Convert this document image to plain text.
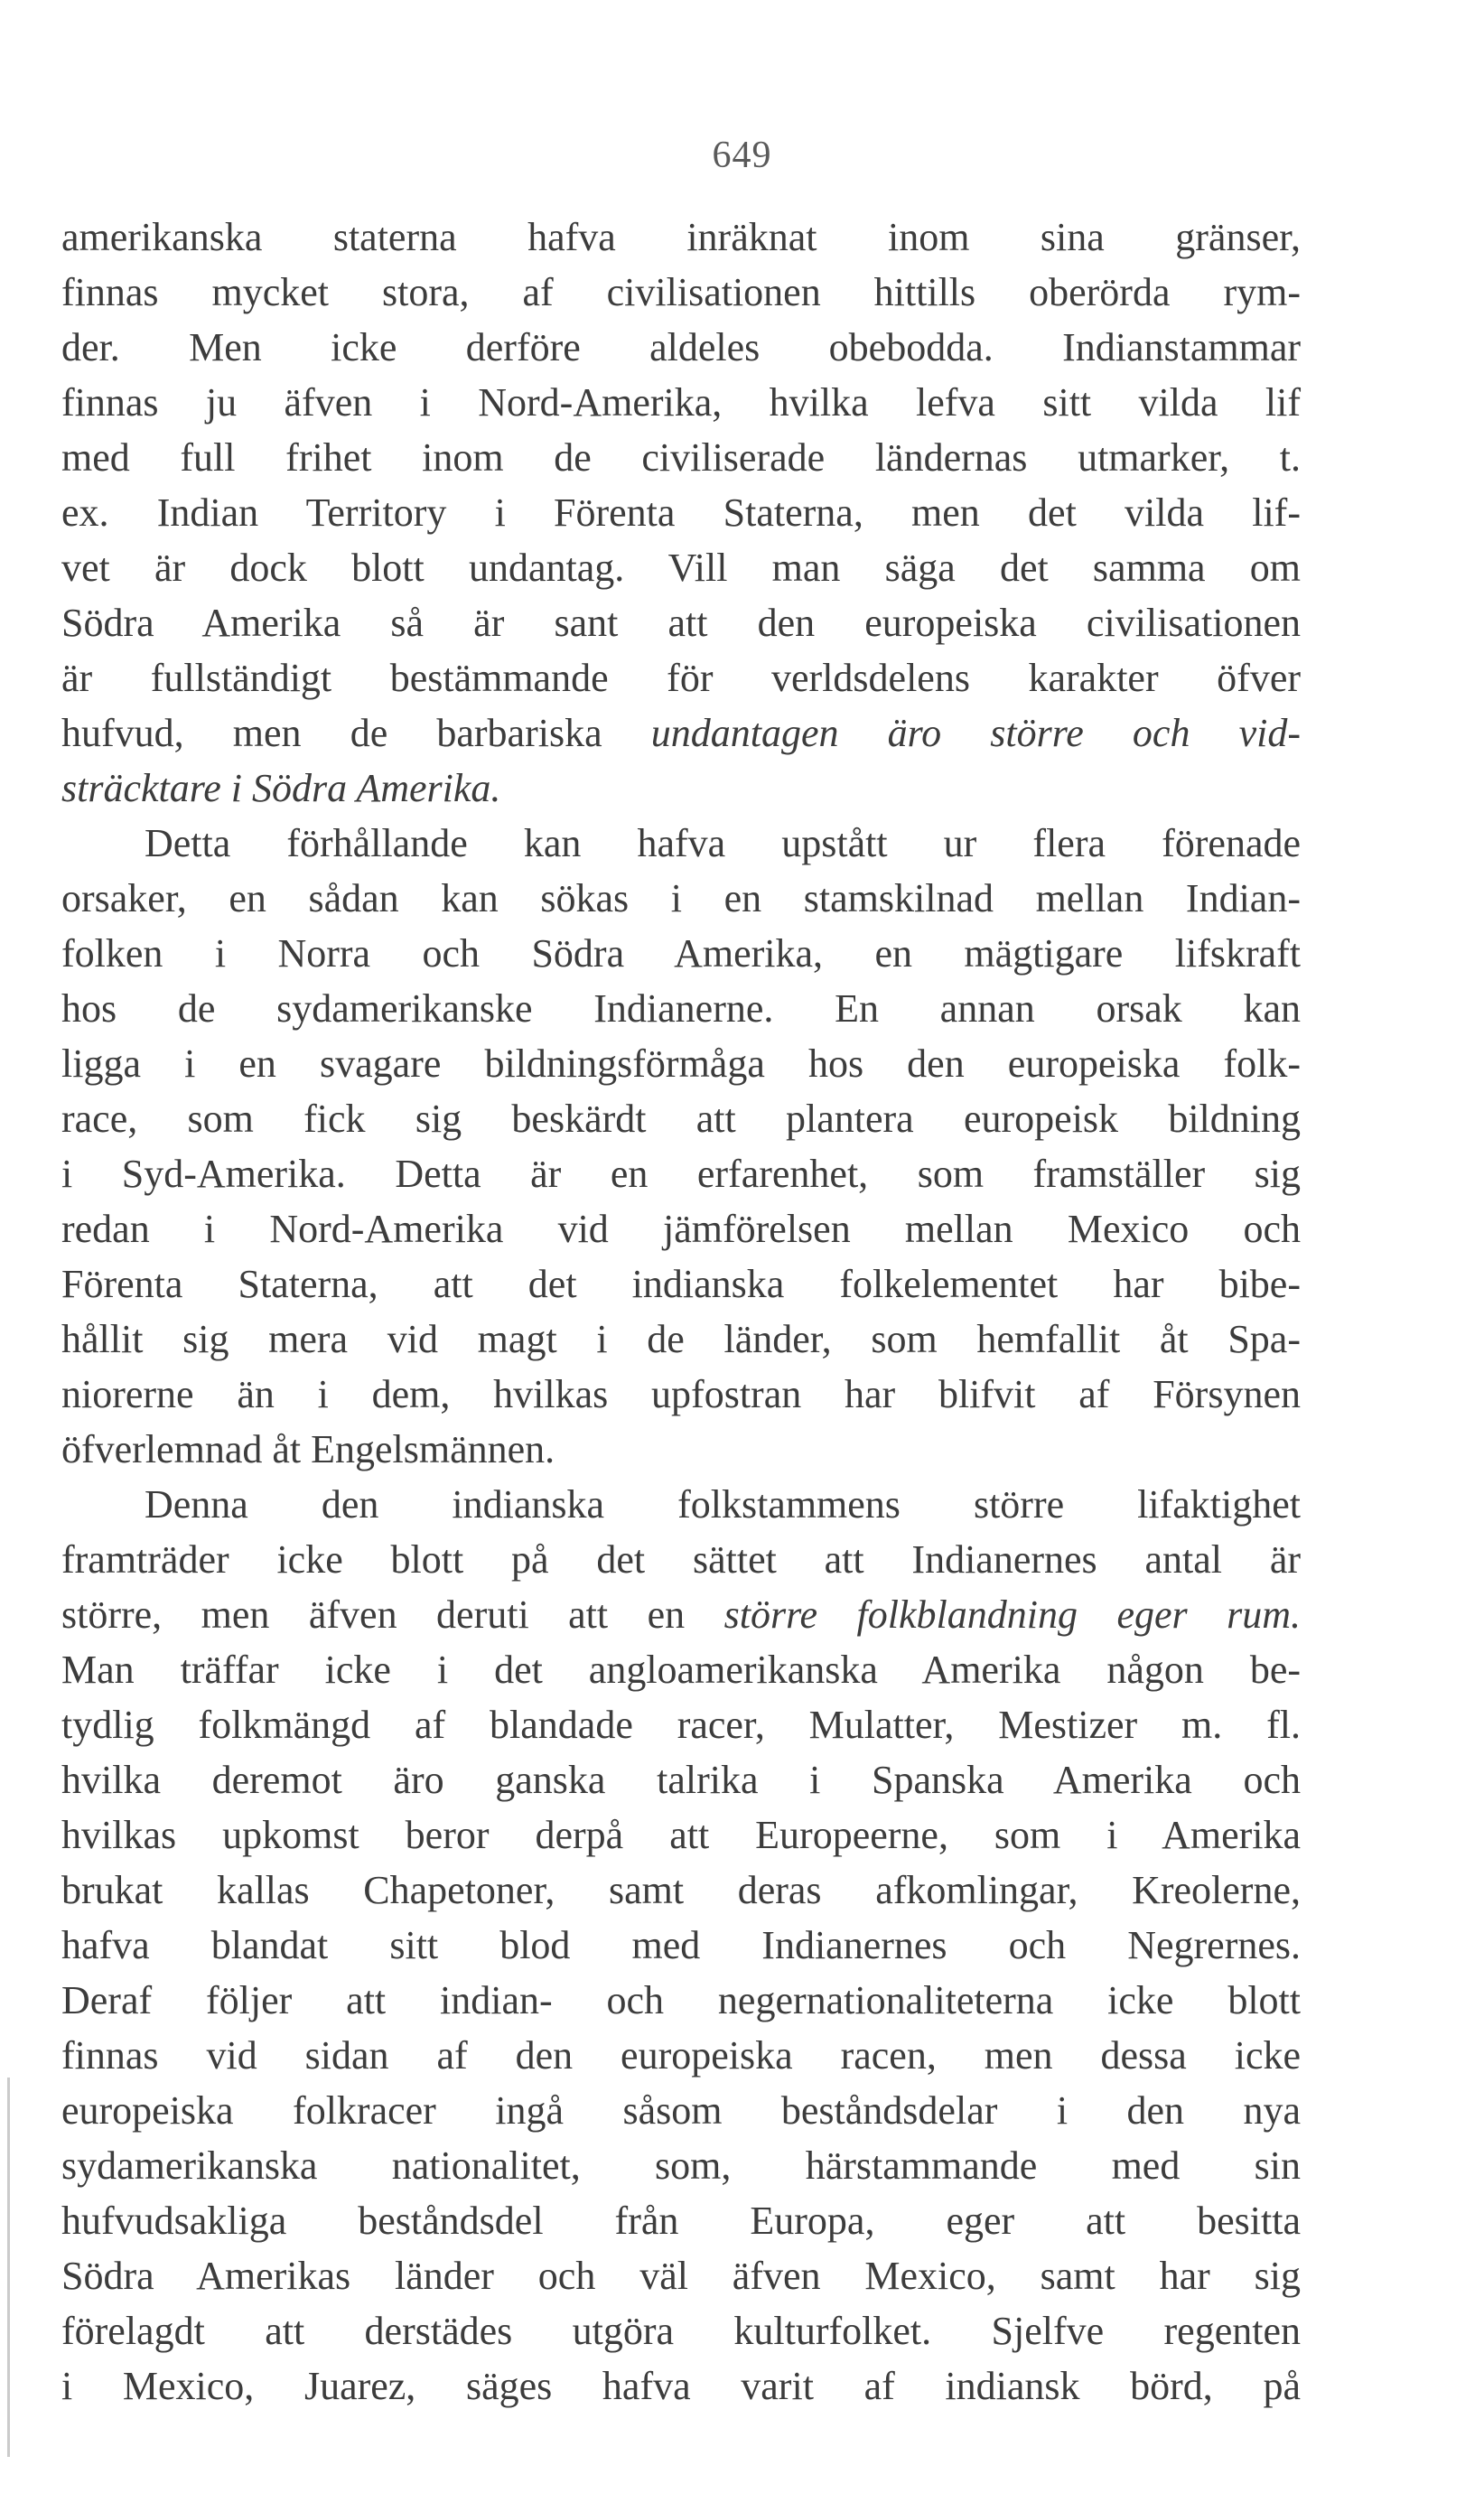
649
amerikanska staterna hafva inräknat inom sina gränser,
finnas mycket stora, af civilisationen hittills oberörda rym-
der. Men icke derföre aldeles obebodda. Indianstammar
finnas ju äfven i Nord-Amerika, hvilka lefva sitt vilda lif
med full frihet inom de civiliserade ländernas utmarker, t.
ex. Indian Territory i Förenta Staterna, men det vilda lif-
vet är dock blott undantag. Vill man säga det samma om
Södra Amerika så är sant att den europeiska civilisationen
är fullständigt bestämmande för verldsdelens karakter öfver
hufvud, men de barbariska undantagen äro större och vid-
sträcktare i Södra Amerika.
Detta förhållande kan hafva upstått ur flera förenade
orsaker, en sådan kan sökas i en stamskilnad mellan Indian-
folken i Norra och Södra Amerika, en mägtigare lifskraft
hos de sydamerikanske Indianerne. En annan orsak kan
ligga i en svagare bildningsförmåga hos den europeiska folk-
race, som fick sig beskärdt att plantera europeisk bildning
i Syd-Amerika. Detta är en erfarenhet, som framställer sig
redan i Nord-Amerika vid jämförelsen mellan Mexico och
Förenta Staterna, att det indianska folkelementet har bibe-
hållit sig mera vid magt i de länder, som hemfallit åt Spa-
niorerne än i dem, hvilkas upfostran har blifvit af Försynen
öfverlemnad åt Engelsmännen.
Denna den indianska folkstammens större lifaktighet
framträder icke blott på det sättet att Indianernes antal är
större, men äfven deruti att en större folkblandning eger rum.
Man träffar icke i det angloamerikanska Amerika någon be-
tydlig folkmängd af blandade racer, Mulatter, Mestizer m. fl.
hvilka deremot äro ganska talrika i Spanska Amerika och
hvilkas upkomst beror derpå att Europeerne, som i Amerika
brukat kallas Chapetoner, samt deras afkomlingar, Kreolerne,
hafva blandat sitt blod med Indianernes och Negrernes.
Deraf följer att indian- och negernationaliteterna icke blott
finnas vid sidan af den europeiska racen, men dessa icke
europeiska folkracer ingå såsom beståndsdelar i den nya
sydamerikanska nationalitet, som, härstammande med sin
hufvudsakliga beståndsdel från Europa, eger att besitta
Södra Amerikas länder och väl äfven Mexico, samt har sig
förelagdt att derstädes utgöra kulturfolket. Sjelfve regenten
i Mexico, Juarez, säges hafva varit af indiansk börd, på
